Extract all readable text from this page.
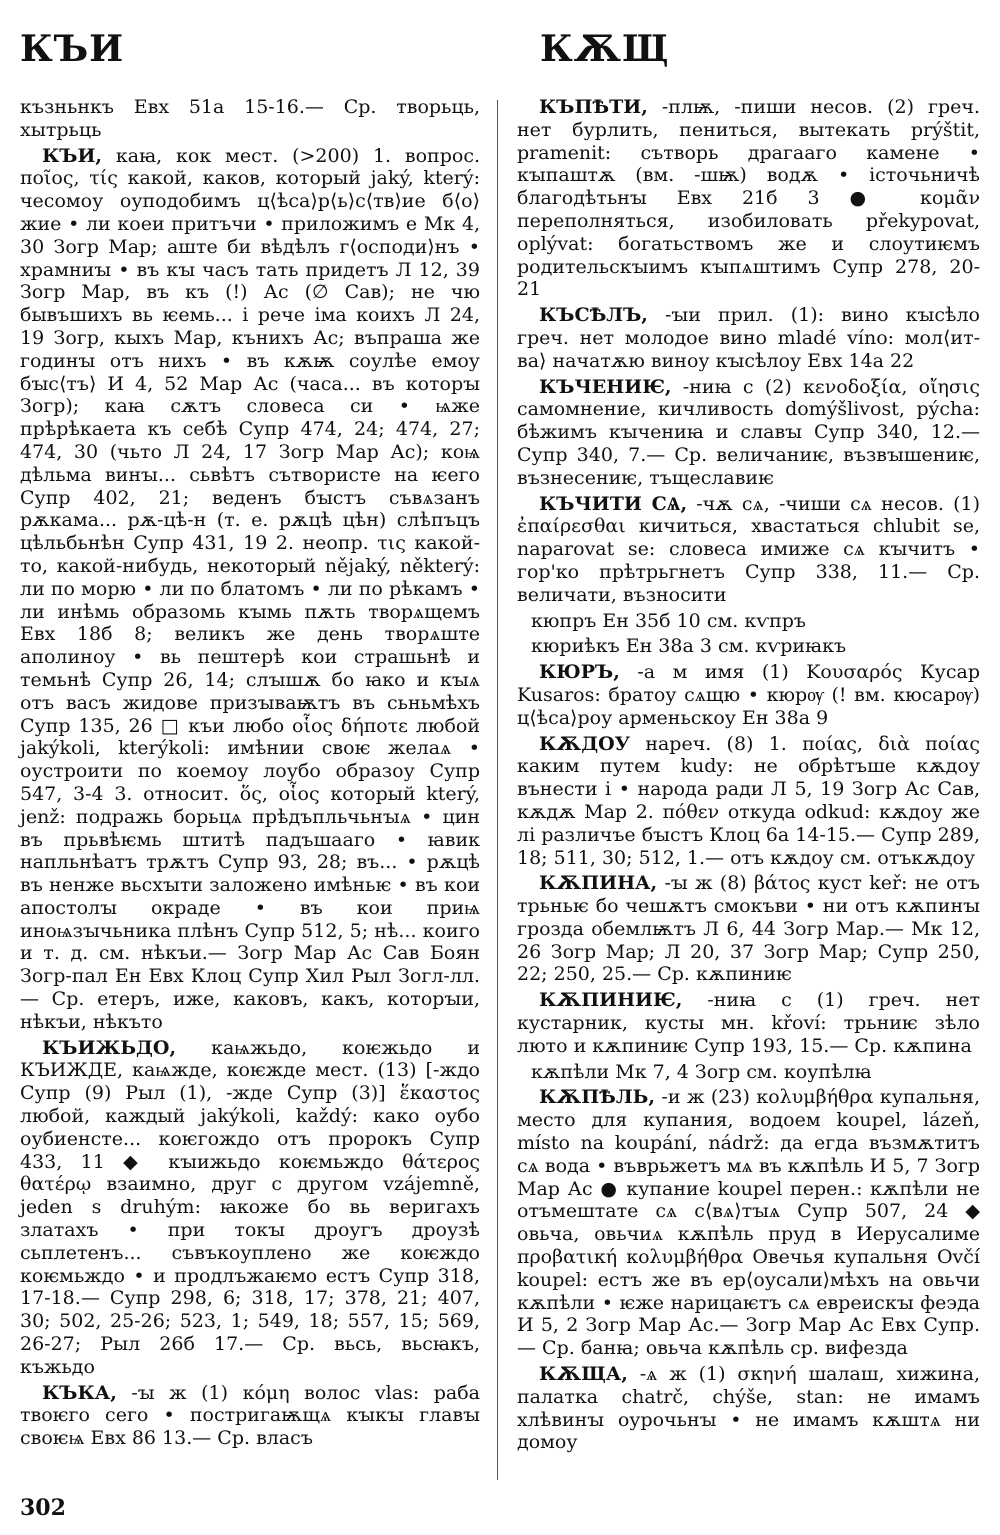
КЪИ	КѪЩ

къзньнкъ Евх 51а 15-16.— Ср. творьць, хытрьць

КЪИ, каꙗ, кок мест. (>200) 1. вопрос. ποῖος, τίς какой, каков, который jaký, který: чесомоу оуподобимъ ц⟨ѣса⟩р⟨ь⟩с⟨тв⟩ие б⟨о⟩жие • ли коеи притъчи • приложимъ е Мк 4, 30 Зогр Мар; аште би вѣдѣлъ г⟨осподи⟩нъ • храмниꙑ • въ кꙑ часъ тать придетъ Л 12, 39 Зогр Мар, въ къ (!) Ас (∅ Сав); не чю бывъшихъ вь ѥемь... і рече іма коихъ Л 24, 19 Зогр, кыхъ Мар, кънихъ Ас; въпраша же годинꙑ отъ нихъ • въ кѫѭ соулѣе емоу бꙑс⟨тъ⟩ И 4, 52 Мар Ас (часа... въ которꙑ Зогр); каꙗ сѫтъ словеса си • ѩже прѣрѣкаета къ себѣ Супр 474, 24; 474, 27; 474, 30 (чьто Л 24, 17 Зогр Мар Ас); коѩ дѣльма винꙑ... сьвѣтъ сътвористе на ѥего Супр 402, 21; веденъ бꙑстъ съвѧзанъ рѫкама... рѫ-цѣ-н (т. е. рѫцѣ цѣн) слѣпъцъ цѣльбьнѣн Супр 431, 19 2. неопр. τις какой-то, какой-нибудь, некоторый nějaký, některý: ли по морю • ли по блатомъ • ли по рѣкамъ • ли инѣмь образомь кꙑмь пѫть творѧщемъ Евх 18б 8; великъ же день творѧште аполиноу • вь пештерѣ кои страшьнѣ и темьнѣ Супр 26, 14; слꙑшѫ бо ꙗко и кꙑѧ отъ васъ жидове призꙑваѭтъ въ сьньмѣхъ Супр 135, 26 □ къи любо οἷος δήποτε любой jakýkoli, kterýkoli: имѣнии своѥ желаѧ • оустроити по коемоу лоубо образоу Супр 547, 3-4 3. относит. ὅς, οἷος который který, jenž: подражь борьцѧ прѣдъпльчьнꙑѧ • цин въ прьвѣѥмь штитѣ падъшааго • ꙗвик напльнѣатъ трѫтъ Супр 93, 28; въ... • рѫцѣ въ ненже вьсхꙑти заложено имѣньѥ • въ кои апостолꙑ окраде • въ кои приѩ иноѩзꙑчьника плѣнъ Супр 512, 5; нѣ... коиго и т. д. см. нѣкъи.— Зогр Мар Ас Сав Боян Зогр-пал Ен Евх Клоц Супр Хил Рыл Зогл-лл.— Ср. етеръ, иже, каковъ, какъ, которꙑи, нѣкъи, нѣкъто

КЪИЖЬДО, каѩжьдо, коѥжьдо и КЪИЖДЕ, каѩжде, коѥжде мест. (13) [-ждо Супр (9) Рыл (1), -жде Супр (3)] ἕκαστος любой, каждый jakýkoli, každý: како оубо оубиенсте... коѥгождо отъ пророкъ Супр 433, 11 ◆ кꙑижьдо коѥмьждо θάτερος θατέρῳ взаимно, друг с другом vzájemně, jeden s druhým: ꙗкоже бо вь веригахъ златахъ • при токꙑ дроугъ дроузѣ сьплетенъ... съвъкоуплено же коѥждо коѥмьждо • и продлъжаѥмо естъ Супр 318, 17-18.— Супр 298, 6; 318, 17; 378, 21; 407, 30; 502, 25-26; 523, 1; 549, 18; 557, 15; 569, 26-27; Рыл 26б 17.— Ср. вьсь, вьсꙗкъ, къжьдо

КЪКА, -ꙑ ж (1) κόμη волос vlas: раба твоѥго сего • постригаѭщѧ кꙑкꙑ главꙑ своѥѩ Евх 86 13.— Ср. власъ

КЪПѢТИ, -плѭ, -пиши несов. (2) греч. нет бурлить, пениться, вытекать prýštit, pramenit: сътворь драгааго камене • кꙑпаштѫ (вм. -шѭ) водѫ • істочьничѣ благодѣтьнꙑ Евх 21б 3 ● κομᾶν переполняться, изобиловать překypovat, oplývat: богатьствомъ же и слоутиѥмъ родительскꙑимъ кꙑпѧштимъ Супр 278, 20-21

КЪСѢЛЪ, -ꙑи прил. (1): вино кꙑсѣло греч. нет молодое вино mladé víno: мол⟨ит-ва⟩ начатѫю виноу кꙑсѣлоу Евх 14а 22

КЪЧЕНИѤ, -ниꙗ с (2) κενοδοξία, οἴησις самомнение, кичливость domýšlivost, pýcha: бѣжимъ кꙑчениꙗ и славꙑ Супр 340, 12.— Супр 340, 7.— Ср. величаниѥ, възвꙑшениѥ, възнесениѥ, тъщеславиѥ

КЪЧИТИ СѦ, -чѫ сѧ, -чиши сѧ несов. (1) ἐπαίρεσθαι кичиться, хвастаться chlubit se, naparovat se: словеса имиже сѧ кꙑчитъ • гор'ко прѣтрьгнетъ Супр 338, 11.— Ср. величати, възносити

кюпръ Ен 35б 10 см. кѵпръ

кюриѣкъ Ен 38а 3 см. кѵриꙗкъ

КЮРЪ, -а м имя (1) Κουσαρός Кусар Kusaros: братоу сѧщю • кюрѹ (! вм. кюсарѹ) ц⟨ѣса⟩роу арменьскоу Ен 38а 9

КѪДОУ нареч. (8) 1. ποίας, διὰ ποίας каким путем kudy: не обрѣтъше кѫдоу вънести і • народа ради Л 5, 19 Зогр Ас Сав, кѫдѫ Мар 2. πόθεν откуда odkud: кѫдоу же лі различъе бꙑстъ Клоц 6а 14-15.— Супр 289, 18; 511, 30; 512, 1.— отъ кѫдоу см. отъкѫдоу

КѪПИНА, -ꙑ ж (8) βάτος куст keř: не отъ трьньѥ бо чешѫтъ смокъви • ни отъ кѫпинꙑ грозда обемлѭтъ Л 6, 44 Зогр Мар.— Мк 12, 26 Зогр Мар; Л 20, 37 Зогр Мар; Супр 250, 22; 250, 25.— Ср. кѫпиниѥ

КѪПИНИѤ, -ниꙗ с (1) греч. нет кустарник, кусты мн. křoví: трьниѥ зѣло люто и кѫпиниѥ Супр 193, 15.— Ср. кѫпина

кѫпѣли Мк 7, 4 Зогр см. коупѣлꙗ

КѪПѢЛЬ, -и ж (23) κολυμβήθρα купальня, место для купания, водоем koupel, lázeň, místo na koupání, nádrž: да егда възмѫтитъ сѧ вода • въврьжетъ мѧ въ кѫпѣль И 5, 7 Зогр Мар Ас ● купание koupel перен.: кѫпѣли не отъмештате сѧ с⟨вѧ⟩тꙑѧ Супр 507, 24 ◆ овьча, овьчиѧ кѫпѣль пруд в Иерусалиме προβατική κολυμβήθρα Овечья купальня Ovčí koupel: естъ же въ ер⟨оусали⟩мѣхъ на овьчи кѫпѣли • ѥже нарицаѥтъ сѧ евреискꙑ феэда И 5, 2 Зогр Мар Ас.— Зогр Мар Ас Евх Супр.— Ср. банꙗ; овьча кѫпѣль ср. вифезда

КѪЩА, -ѧ ж (1) σκηνή шалаш, хижина, палатка chatrč, chýše, stan: не имамъ хлѣвинꙑ оурочьнꙑ • не имамъ кѫштѧ ни домоу

302
